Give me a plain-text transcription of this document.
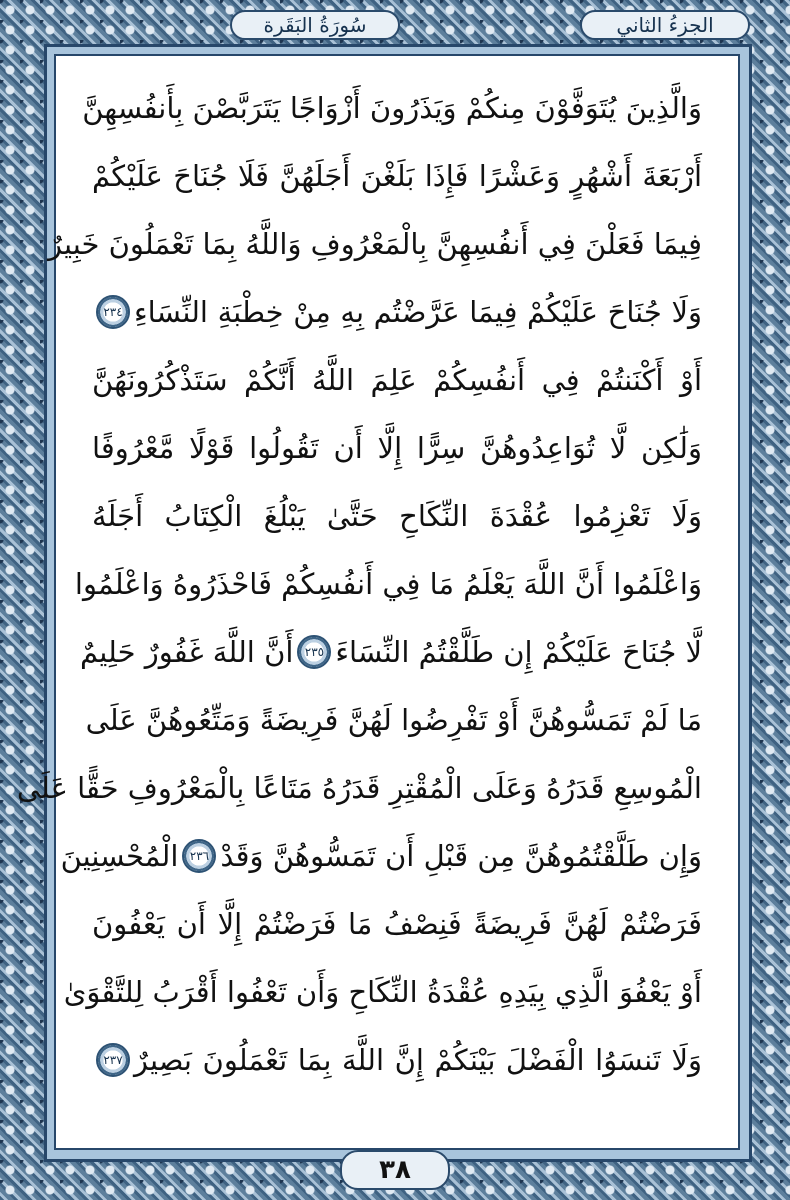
الجزءُ الثاني
سُورَةُ البَقَرة
وَالَّذِينَ يُتَوَفَّوْنَ مِنكُمْ وَيَذَرُونَ أَزْوَاجًا يَتَرَبَّصْنَ بِأَنفُسِهِنَّ
أَرْبَعَةَ أَشْهُرٍ وَعَشْرًا فَإِذَا بَلَغْنَ أَجَلَهُنَّ فَلَا جُنَاحَ عَلَيْكُمْ
فِيمَا فَعَلْنَ فِي أَنفُسِهِنَّ بِالْمَعْرُوفِ وَاللَّهُ بِمَا تَعْمَلُونَ خَبِيرٌ
وَلَا جُنَاحَ عَلَيْكُمْ فِيمَا عَرَّضْتُم بِهِ مِنْ خِطْبَةِ النِّسَاءِ
٢٣٤
أَوْ أَكْنَنتُمْ فِي أَنفُسِكُمْ عَلِمَ اللَّهُ أَنَّكُمْ سَتَذْكُرُونَهُنَّ
وَلَٰكِن لَّا تُوَاعِدُوهُنَّ سِرًّا إِلَّا أَن تَقُولُوا قَوْلًا مَّعْرُوفًا
وَلَا تَعْزِمُوا عُقْدَةَ النِّكَاحِ حَتَّىٰ يَبْلُغَ الْكِتَابُ أَجَلَهُ
وَاعْلَمُوا أَنَّ اللَّهَ يَعْلَمُ مَا فِي أَنفُسِكُمْ فَاحْذَرُوهُ وَاعْلَمُوا
لَّا جُنَاحَ عَلَيْكُمْ إِن طَلَّقْتُمُ النِّسَاءَ
٢٣٥
أَنَّ اللَّهَ غَفُورٌ حَلِيمٌ
مَا لَمْ تَمَسُّوهُنَّ أَوْ تَفْرِضُوا لَهُنَّ فَرِيضَةً وَمَتِّعُوهُنَّ عَلَى
الْمُوسِعِ قَدَرُهُ وَعَلَى الْمُقْتِرِ قَدَرُهُ مَتَاعًا بِالْمَعْرُوفِ حَقًّا عَلَى
وَإِن طَلَّقْتُمُوهُنَّ مِن قَبْلِ أَن تَمَسُّوهُنَّ وَقَدْ
٢٣٦
الْمُحْسِنِينَ
فَرَضْتُمْ لَهُنَّ فَرِيضَةً فَنِصْفُ مَا فَرَضْتُمْ إِلَّا أَن يَعْفُونَ
أَوْ يَعْفُوَ الَّذِي بِيَدِهِ عُقْدَةُ النِّكَاحِ وَأَن تَعْفُوا أَقْرَبُ لِلتَّقْوَىٰ
وَلَا تَنسَوُا الْفَضْلَ بَيْنَكُمْ إِنَّ اللَّهَ بِمَا تَعْمَلُونَ بَصِيرٌ
٢٣٧
٣٨
